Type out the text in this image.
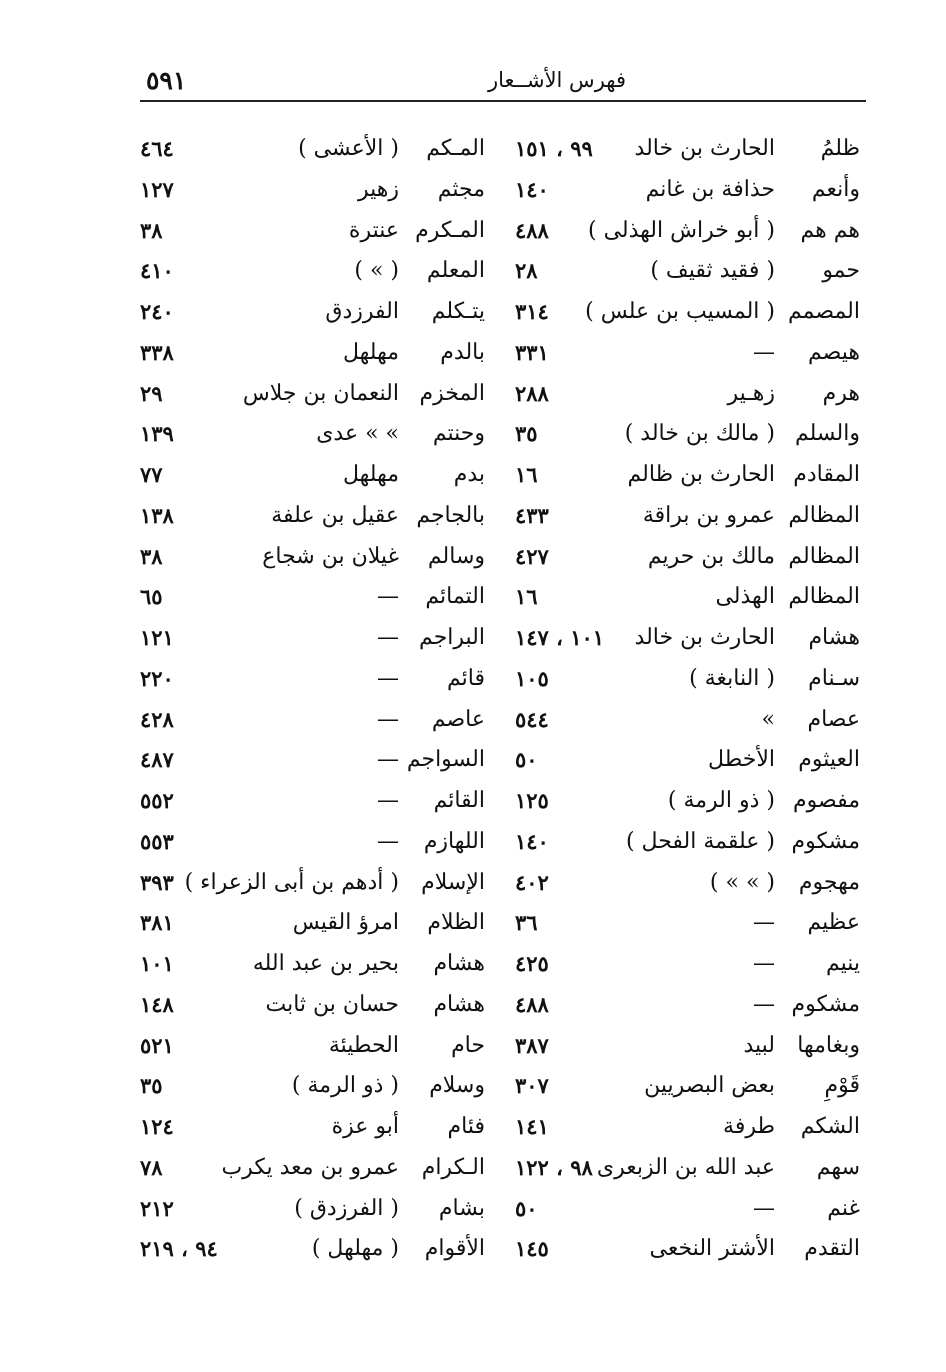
فهرس الأشــعار
٥٩١
ظلمُ
الحارث بن خالد
٩٩ ، ١٥١
وأنعم
حذافة بن غانم
١٤٠
هم هم
( أبو خراش الهذلى )
٤٨٨
حمو
( فقيد ثقيف )
٢٨
المصمم
( المسيب بن علس )
٣١٤
هيصم
—
٣٣١
هرم
زهـير
٢٨٨
والسلم
( مالك بن خالد )
٣٥
المقادم
الحارث بن ظالم
١٦
المظالم
عمرو بن براقة
٤٣٣
المظالم
مالك بن حريم
٤٢٧
المظالم
الهذلى
١٦
هشام
الحارث بن خالد
١٠١ ، ١٤٧
سـنام
( النابغة )
١٠٥
عصام
»
٥٤٤
العيثوم
الأخطل
٥٠
مفصوم
( ذو الرمة )
١٢٥
مشكوم
( علقمة الفحل )
١٤٠
مهجوم
( » » )
٤٠٢
عظيم
—
٣٦
ينيم
—
٤٢٥
مشكوم
—
٤٨٨
وبغامها
لبيد
٣٨٧
قَوْمِ
بعض البصريين
٣٠٧
الشكم
طرفة
١٤١
سهم
عبد الله بن الزبعرى
٩٨ ، ١٢٢
غنم
—
٥٠
التقدم
الأشتر النخعى
١٤٥
المـكم
( الأعشى )
٤٦٤
مجثم
زهير
١٢٧
المـكرم
عنترة
٣٨
المعلم
( » )
٤١٠
يتـكلم
الفرزدق
٢٤٠
بالدم
مهلهل
٣٣٨
المخزم
النعمان بن جلاس
٢٩
وحنتم
» » عدى
١٣٩
بدم
مهلهل
٧٧
بالجاجم
عقيل بن علفة
١٣٨
وسالم
غيلان بن شجاع
٣٨
التمائم
—
٦٥
البراجم
—
١٢١
قائم
—
٢٢٠
عاصم
—
٤٢٨
السواجم
—
٤٨٧
القائم
—
٥٥٢
اللهازم
—
٥٥٣
الإسلام
( أدهم بن أبى الزعراء )
٣٩٣
الظلام
امرؤ القيس
٣٨١
هشام
بحير بن عبد الله
١٠١
هشام
حسان بن ثابت
١٤٨
حام
الحطيئة
٥٢١
وسلام
( ذو الرمة )
٣٥
فئام
أبو عزة
١٢٤
الـكرام
عمرو بن معد يكرب
٧٨
بشام
( الفرزدق )
٢١٢
الأقوام
( مهلهل )
٩٤ ، ٢١٩
